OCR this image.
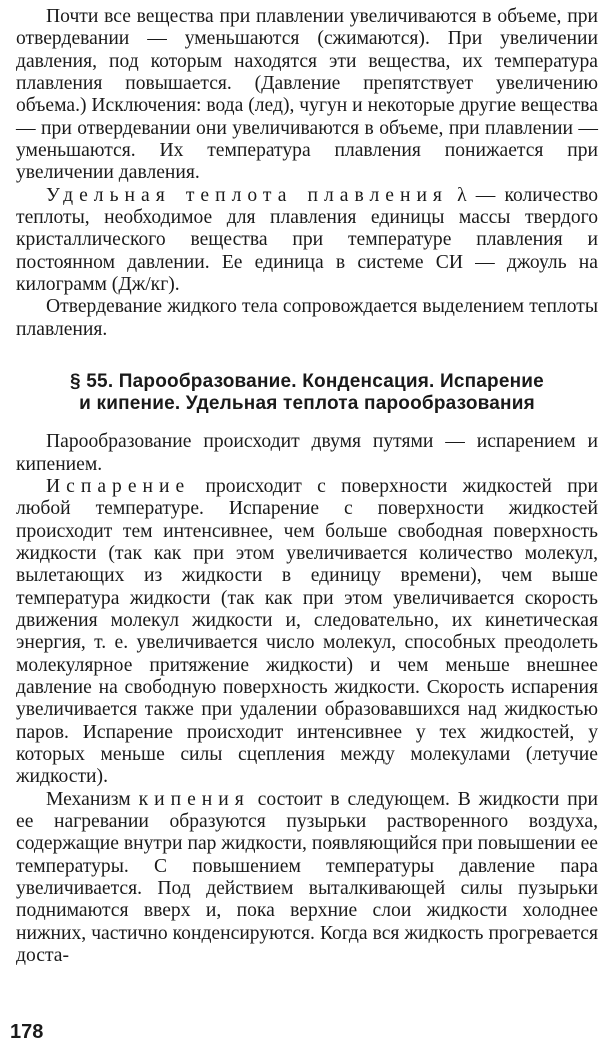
Почти все вещества при плавлении увеличиваются в объеме, при отвердевании — уменьшаются (сжимаются). При увеличении давления, под которым находятся эти вещества, их температура плавления повышается. (Давление препятствует увеличению объема.) Исключения: вода (лед), чугун и некоторые другие вещества — при отвердевании они увеличиваются в объеме, при плавлении — уменьшаются. Их температура плавления понижается при увеличении давления.

Удельная теплота плавления λ — количество теплоты, необходимое для плавления единицы массы твердого кристаллического вещества при температуре плавления и постоянном давлении. Ее единица в системе СИ — джоуль на килограмм (Дж/кг).

Отвердевание жидкого тела сопровождается выделением теплоты плавления.

§ 55. Парообразование. Конденсация. Испарение
и кипение. Удельная теплота парообразования

Парообразование происходит двумя путями — испарением и кипением.

Испарение происходит с поверхности жидкостей при любой температуре. Испарение с поверхности жидкостей происходит тем интенсивнее, чем больше свободная поверхность жидкости (так как при этом увеличивается количество молекул, вылетающих из жидкости в единицу времени), чем выше температура жидкости (так как при этом увеличивается скорость движения молекул жидкости и, следовательно, их кинетическая энергия, т. е. увеличивается число молекул, способных преодолеть молекулярное притяжение жидкости) и чем меньше внешнее давление на свободную поверхность жидкости. Скорость испарения увеличивается также при удалении образовавшихся над жидкостью паров. Испарение происходит интенсивнее у тех жидкостей, у которых меньше силы сцепления между молекулами (летучие жидкости).

Механизм кипения состоит в следующем. В жидкости при ее нагревании образуются пузырьки растворенного воздуха, содержащие внутри пар жидкости, появляющийся при повышении ее температуры. С повышением температуры давление пара увеличивается. Под действием выталкивающей силы пузырьки поднимаются вверх и, пока верхние слои жидкости холоднее нижних, частично конденсируются. Когда вся жидкость прогревается доста-

178
